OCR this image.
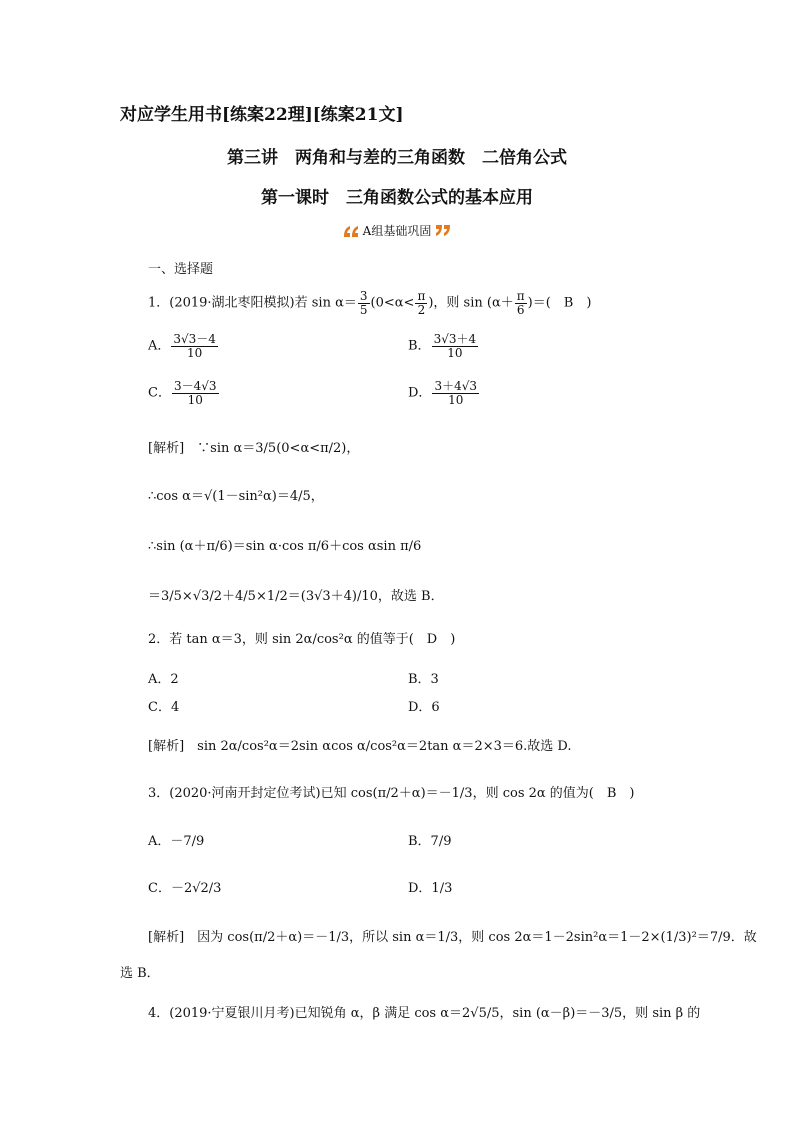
对应学生用书[练案22理][练案21文]
第三讲　两角和与差的三角函数　二倍角公式
第一课时　三角函数公式的基本应用
A组基础巩固
一、选择题
1．(2019·湖北枣阳模拟)若 $\sin \alpha= \frac{3}{5} (0<\alpha< \frac{\pi}{2}$ )，则 $\sin (\alpha+ \frac{\pi}{6}$ )＝(　B　)
A． $\frac{3√3-4}{10}$	B． $\frac{3√3+4}{10}$
C． $\frac{3-4√3}{10}$	D． $\frac{3+4√3}{10}$
[解析]　 ∵sin α＝3/5(0<α<π/2)，
∴cos α＝√(1－sin²α)＝4/5，
∴sin (α＋π/6)＝sin α·cos π/6＋cos αsin π/6
＝3/5×√3/2＋4/5×1/2＝(3√3＋4)/10，故选 B．
2．若 tan α＝3，则 sin 2α/cos²α 的值等于(　D　)
A．2	B．3
C．4	D．6
[解析]　 sin 2α/cos²α＝2sin αcos α/cos²α＝2tan α＝2×3＝6.故选 D.
3．(2020·河南开封定位考试)已知 cos(π/2＋α)＝－1/3，则 cos 2α 的值为(　B　)
A．－7/9	B．7/9
C．－2√2/3	D．1/3
[解析]　 因为 cos(π/2＋α)＝－1/3，所以 sin α＝1/3，则 cos 2α＝1－2sin²α＝1－2×(1/3)²＝7/9．故
选 B．
4．(2019·宁夏银川月考)已知锐角 α，β 满足 cos α＝2√5/5，sin (α－β)＝－3/5，则 sin β 的
